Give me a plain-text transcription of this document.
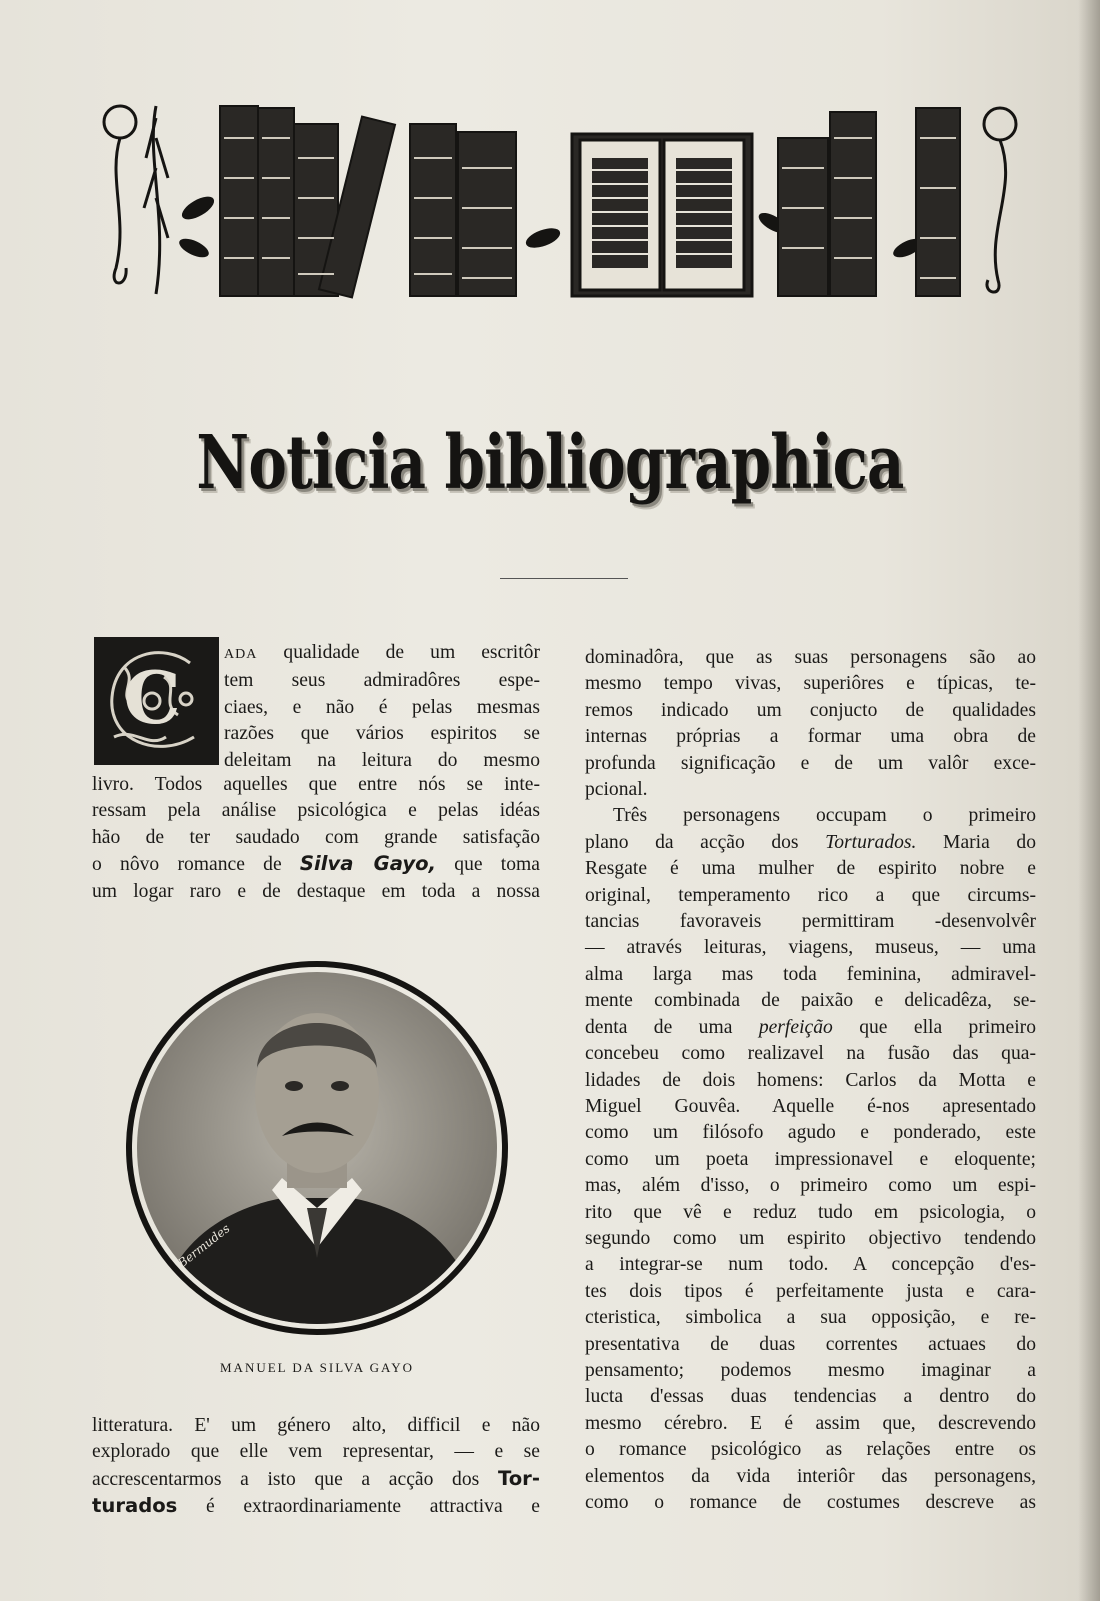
Noticia bibliographica
C
ADA qualidade de um escritôr
tem seus admiradôres espe-
ciaes, e não é pelas mesmas
razões que vários espiritos se
deleitam na leitura do mesmo
livro. Todos aquelles que entre nós se inte-
ressam pela análise psicológica e pelas idéas
hão de ter saudado com grande satisfação
o nôvo romance de Silva Gayo, que toma
um logar raro e de destaque em toda a nossa
Bermudes
MANUEL DA SILVA GAYO
litteratura. E' um género alto, difficil e não
explorado que elle vem representar, — e se
accrescentarmos a isto que a acção dos Tor-
turados é extraordinariamente attractiva e
dominadôra, que as suas personagens são ao
mesmo tempo vivas, superiôres e típicas, te-
remos indicado um conjucto de qualidades
internas próprias a formar uma obra de
profunda significação e de um valôr exce-
pcional.
Três personagens occupam o primeiro
plano da acção dos Torturados. Maria do
Resgate é uma mulher de espirito nobre e
original, temperamento rico a que circums-
tancias favoraveis permittiram -desenvolvêr
— através leituras, viagens, museus, — uma
alma larga mas toda feminina, admiravel-
mente combinada de paixão e delicadêza, se-
denta de uma perfeição que ella primeiro
concebeu como realizavel na fusão das qua-
lidades de dois homens: Carlos da Motta e
Miguel Gouvêa. Aquelle é-nos apresentado
como um filósofo agudo e ponderado, este
como um poeta impressionavel e eloquente;
mas, além d'isso, o primeiro como um espi-
rito que vê e reduz tudo em psicologia, o
segundo como um espirito objectivo tendendo
a integrar-se num todo. A concepção d'es-
tes dois tipos é perfeitamente justa e cara-
cteristica, simbolica a sua opposição, e re-
presentativa de duas correntes actuaes do
pensamento; podemos mesmo imaginar a
lucta d'essas duas tendencias a dentro do
mesmo cérebro. E é assim que, descrevendo
o romance psicológico as relações entre os
elementos da vida interiôr das personagens,
como o romance de costumes descreve as
